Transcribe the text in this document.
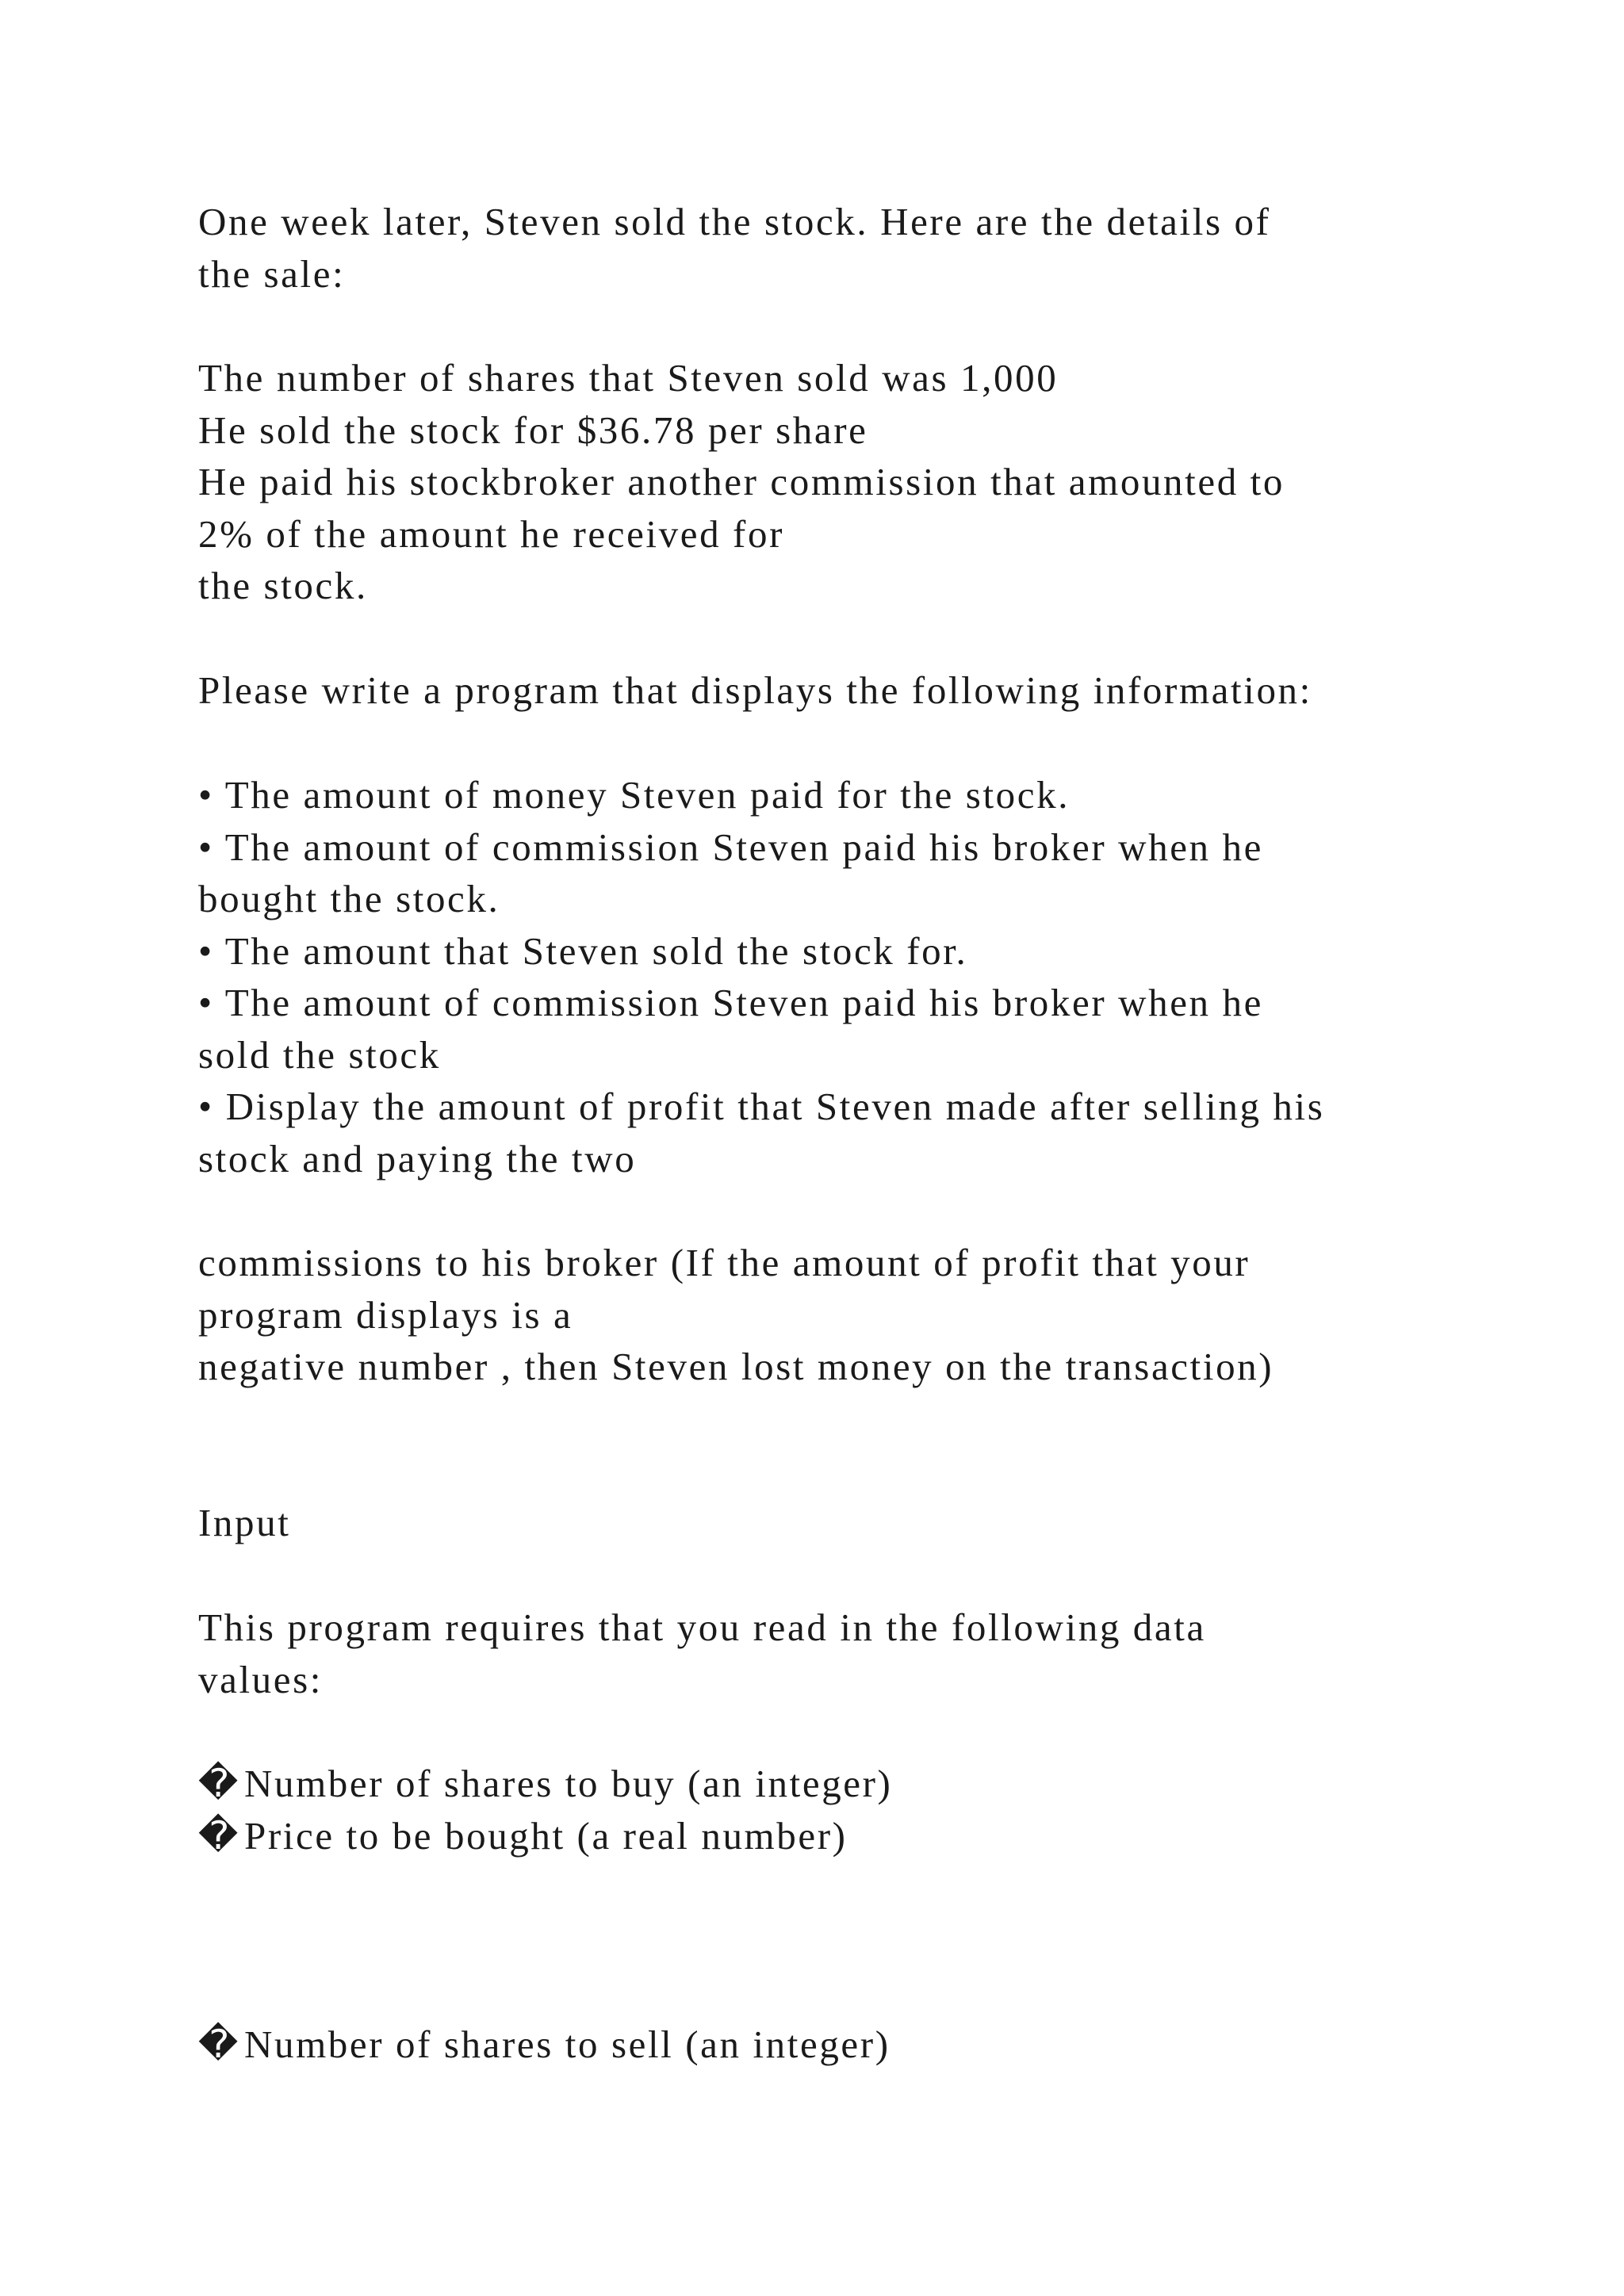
One week later, Steven sold the stock. Here are the details of
the sale:
The number of shares that Steven sold was 1,000
He sold the stock for $36.78 per share
He paid his stockbroker another commission that amounted to
2% of the amount he received for
the stock.
Please write a program that displays the following information:
• The amount of money Steven paid for the stock.
• The amount of commission Steven paid his broker when he
bought the stock.
• The amount that Steven sold the stock for.
• The amount of commission Steven paid his broker when he
sold the stock
• Display the amount of profit that Steven made after selling his
stock and paying the two
commissions to his broker (If the amount of profit that your
program displays is a
negative number , then Steven lost money on the transaction)
Input
This program requires that you read in the following data
values:
� Number of shares to buy (an integer)
� Price to be bought (a real number)
� Number of shares to sell (an integer)
